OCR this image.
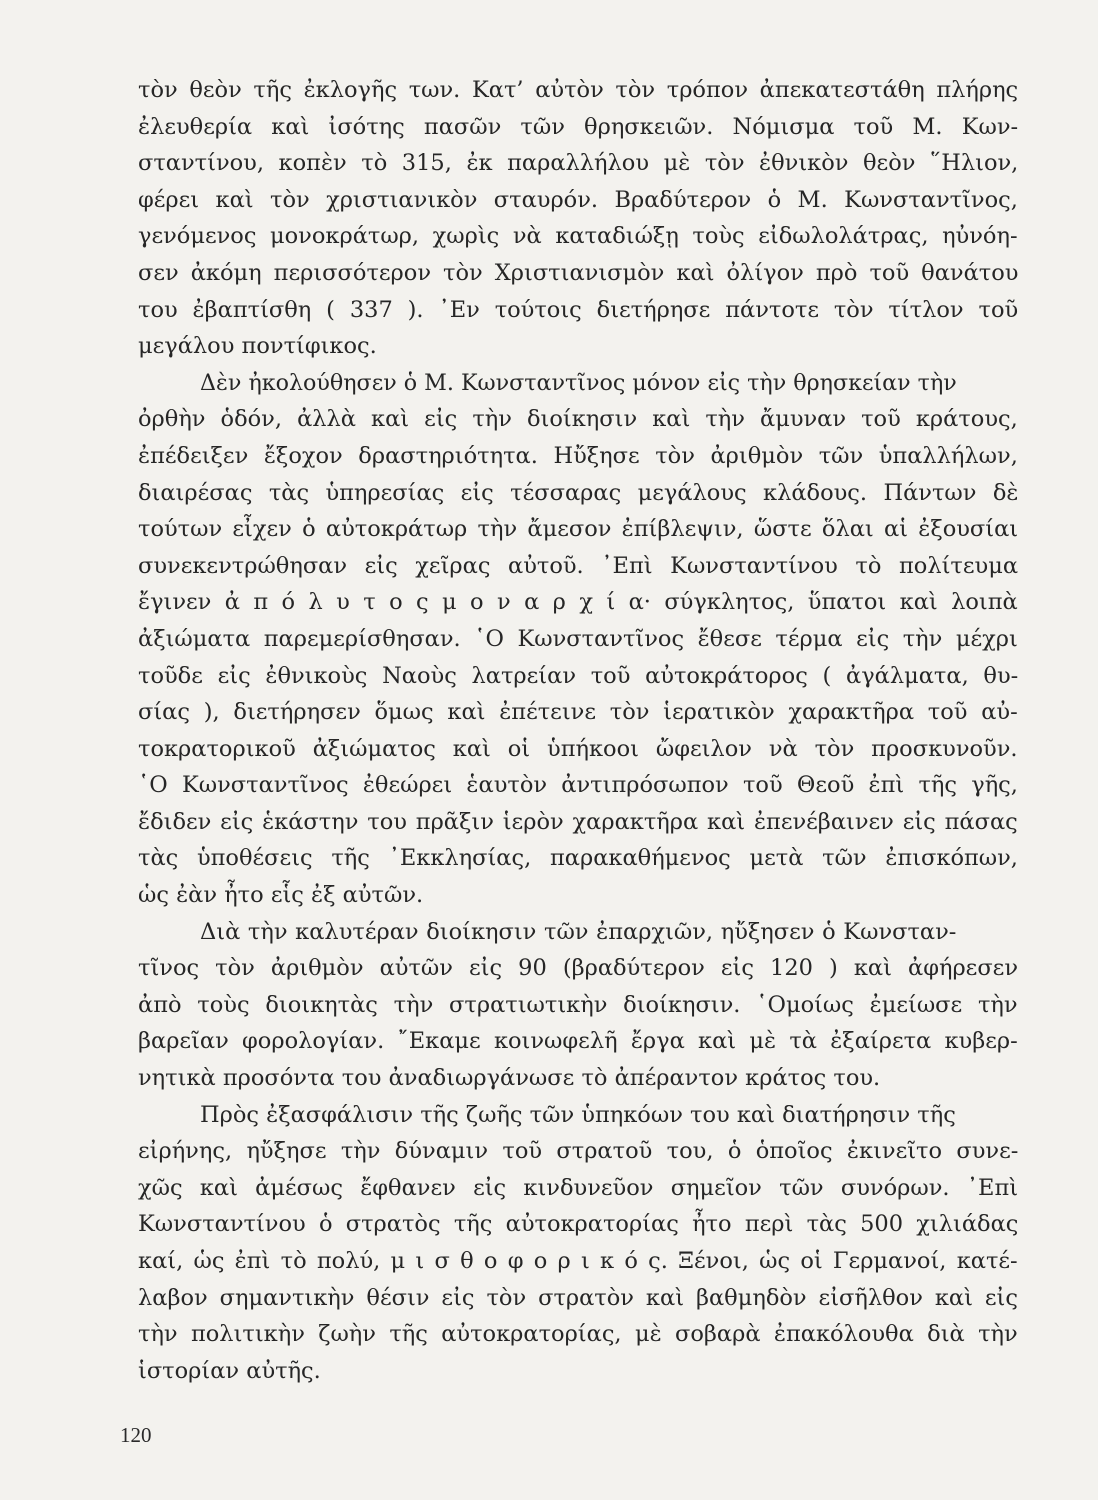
τὸν θεὸν τῆς ἐκλογῆς των. Κατ’ αὐτὸν τὸν τρόπον ἀπεκατεστάθη πλήρης
ἐλευθερία καὶ ἰσότης πασῶν τῶν θρησκειῶν. Νόμισμα τοῦ Μ. Κων-
σταντίνου, κοπὲν τὸ 315, ἐκ παραλλήλου μὲ τὸν ἐθνικὸν θεὸν ῞Ηλιον,
φέρει καὶ τὸν χριστιανικὸν σταυρόν. Βραδύτερον ὁ Μ. Κωνσταντῖνος,
γενόμενος μονοκράτωρ, χωρὶς νὰ καταδιώξῃ τοὺς εἰδωλολάτρας, ηὐνόη-
σεν ἀκόμη περισσότερον τὸν Χριστιανισμὸν καὶ ὀλίγον πρὸ τοῦ θανάτου
του ἐβαπτίσθη ( 337 ). ᾿Εν τούτοις διετήρησε πάντοτε τὸν τίτλον τοῦ
μεγάλου ποντίφικος.

Δὲν ἠκολούθησεν ὁ Μ. Κωνσταντῖνος μόνον εἰς τὴν θρησκείαν τὴν
ὀρθὴν ὁδόν, ἀλλὰ καὶ εἰς τὴν διοίκησιν καὶ τὴν ἄμυναν τοῦ κράτους,
ἐπέδειξεν ἔξοχον δραστηριότητα. Ηὔξησε τὸν ἀριθμὸν τῶν ὑπαλλήλων,
διαιρέσας τὰς ὑπηρεσίας εἰς τέσσαρας μεγάλους κλάδους. Πάντων δὲ
τούτων εἶχεν ὁ αὐτοκράτωρ τὴν ἄμεσον ἐπίβλεψιν, ὥστε ὅλαι αἱ ἐξουσίαι
συνεκεντρώθησαν εἰς χεῖρας αὐτοῦ. ᾿Επὶ Κωνσταντίνου τὸ πολίτευμα
ἔγινεν ἀ π ό λ υ τ ο ς μ ο ν α ρ χ ί α· σύγκλητος, ὕπατοι καὶ λοιπὰ
ἀξιώματα παρεμερίσθησαν. ῾Ο Κωνσταντῖνος ἔθεσε τέρμα εἰς τὴν μέχρι
τοῦδε εἰς ἐθνικοὺς Ναοὺς λατρείαν τοῦ αὐτοκράτορος ( ἀγάλματα, θυ-
σίας ), διετήρησεν ὅμως καὶ ἐπέτεινε τὸν ἱερατικὸν χαρακτῆρα τοῦ αὐ-
τοκρατορικοῦ ἀξιώματος καὶ οἱ ὑπήκοοι ὤφειλον νὰ τὸν προσκυνοῦν.
῾Ο Κωνσταντῖνος ἐθεώρει ἑαυτὸν ἀντιπρόσωπον τοῦ Θεοῦ ἐπὶ τῆς γῆς,
ἔδιδεν εἰς ἑκάστην του πρᾶξιν ἱερὸν χαρακτῆρα καὶ ἐπενέβαινεν εἰς πάσας
τὰς ὑποθέσεις τῆς ᾿Εκκλησίας, παρακαθήμενος μετὰ τῶν ἐπισκόπων,
ὡς ἐὰν ἦτο εἷς ἐξ αὐτῶν.

Διὰ τὴν καλυτέραν διοίκησιν τῶν ἐπαρχιῶν, ηὔξησεν ὁ Κωνσταν-
τῖνος τὸν ἀριθμὸν αὐτῶν εἰς 90 (βραδύτερον εἰς 120 ) καὶ ἀφήρεσεν
ἀπὸ τοὺς διοικητὰς τὴν στρατιωτικὴν διοίκησιν. ῾Ομοίως ἐμείωσε τὴν
βαρεῖαν φορολογίαν. ῎Εκαμε κοινωφελῆ ἔργα καὶ μὲ τὰ ἐξαίρετα κυβερ-
νητικὰ προσόντα του ἀναδιωργάνωσε τὸ ἀπέραντον κράτος του.

Πρὸς ἐξασφάλισιν τῆς ζωῆς τῶν ὑπηκόων του καὶ διατήρησιν τῆς
εἰρήνης, ηὔξησε τὴν δύναμιν τοῦ στρατοῦ του, ὁ ὁποῖος ἐκινεῖτο συνε-
χῶς καὶ ἀμέσως ἔφθανεν εἰς κινδυνεῦον σημεῖον τῶν συνόρων. ᾿Επὶ
Κωνσταντίνου ὁ στρατὸς τῆς αὐτοκρατορίας ἦτο περὶ τὰς 500 χιλιάδας
καί, ὡς ἐπὶ τὸ πολύ, μ ι σ θ ο φ ο ρ ι κ ό ς. Ξένοι, ὡς οἱ Γερμανοί, κατέ-
λαβον σημαντικὴν θέσιν εἰς τὸν στρατὸν καὶ βαθμηδὸν εἰσῆλθον καὶ εἰς
τὴν πολιτικὴν ζωὴν τῆς αὐτοκρατορίας, μὲ σοβαρὰ ἐπακόλουθα διὰ τὴν
ἱστορίαν αὐτῆς.

120
